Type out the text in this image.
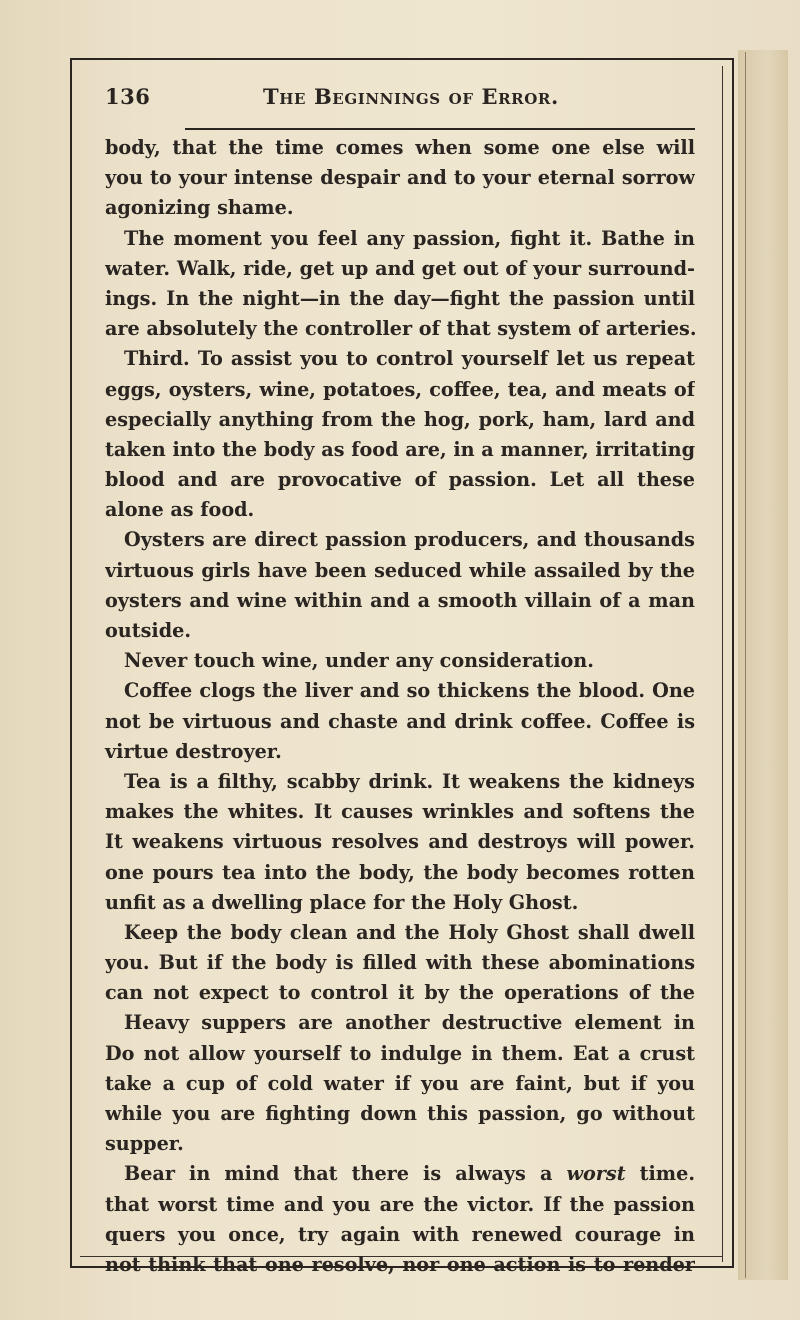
136	The Beginnings of Error.
body, that the time comes when some one else will
you to your intense despair and to your eternal sorrow
agonizing shame.
The moment you feel any passion, fight it. Bathe in
water. Walk, ride, get up and get out of your surround-
ings. In the night—in the day—fight the passion until
are absolutely the controller of that system of arteries.
Third. To assist you to control yourself let us repeat
eggs, oysters, wine, potatoes, coffee, tea, and meats of
especially anything from the hog, pork, ham, lard and
taken into the body as food are, in a manner, irritating
blood and are provocative of passion. Let all these
alone as food.
Oysters are direct passion producers, and thousands
virtuous girls have been seduced while assailed by the
oysters and wine within and a smooth villain of a man
outside.
Never touch wine, under any consideration.
Coffee clogs the liver and so thickens the blood. One
not be virtuous and chaste and drink coffee. Coffee is
virtue destroyer.
Tea is a filthy, scabby drink. It weakens the kidneys
makes the whites. It causes wrinkles and softens the
It weakens virtuous resolves and destroys will power.
one pours tea into the body, the body becomes rotten
unfit as a dwelling place for the Holy Ghost.
Keep the body clean and the Holy Ghost shall dwell
you. But if the body is filled with these abominations
can not expect to control it by the operations of the
Heavy suppers are another destructive element in
Do not allow yourself to indulge in them. Eat a crust
take a cup of cold water if you are faint, but if you
while you are fighting down this passion, go without
supper.
Bear in mind that there is always a worst time.
that worst time and you are the victor. If the passion
quers you once, try again with renewed courage in
not think that one resolve, nor one action is to render
